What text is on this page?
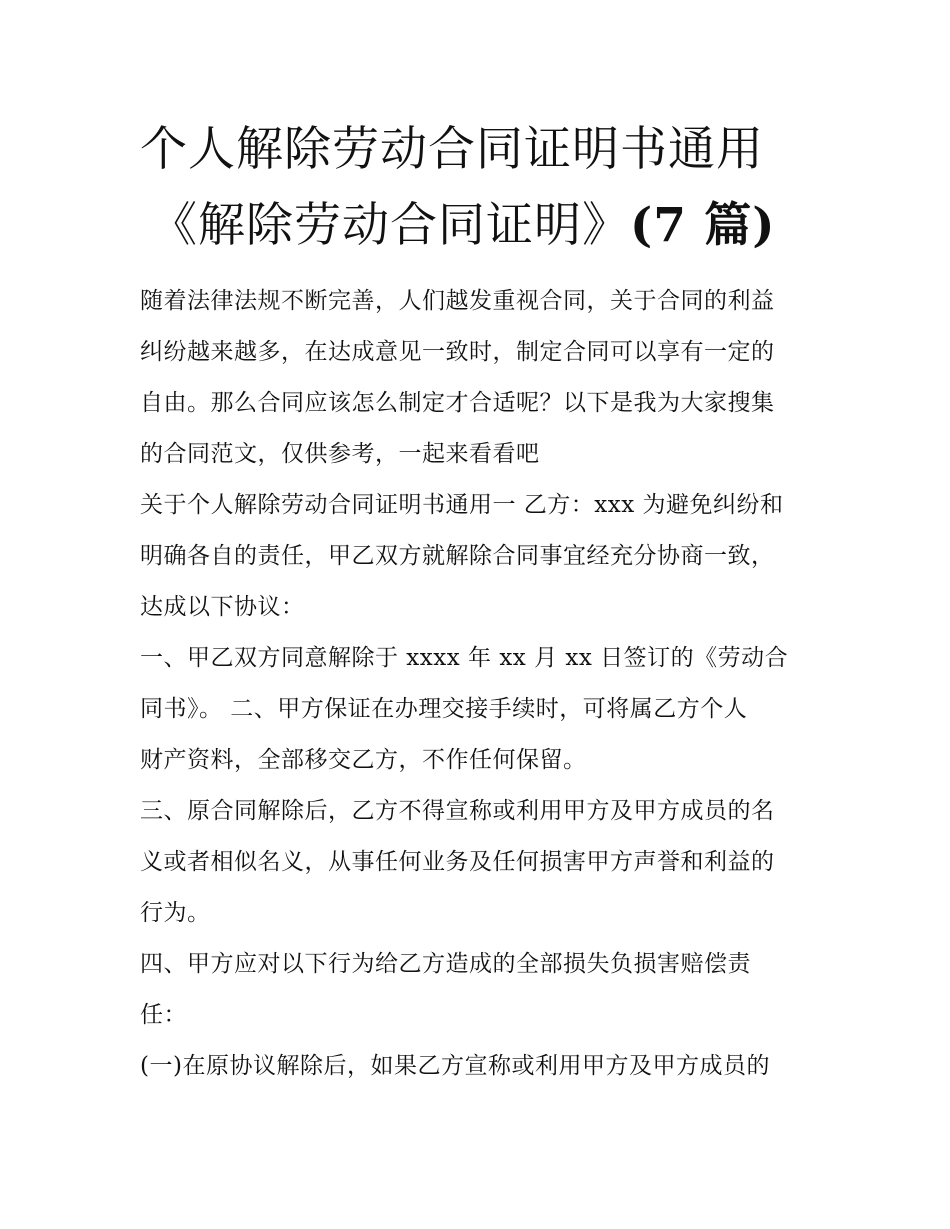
个人解除劳动合同证明书通用
《解除劳动合同证明》(7 篇)

随着法律法规不断完善，人们越发重视合同，关于合同的利益
纠纷越来越多，在达成意见一致时，制定合同可以享有一定的
自由。那么合同应该怎么制定才合适呢？以下是我为大家搜集
的合同范文，仅供参考，一起来看看吧

关于个人解除劳动合同证明书通用一 乙方：xxx 为避免纠纷和
明确各自的责任，甲乙双方就解除合同事宜经充分协商一致，
达成以下协议：

一、甲乙双方同意解除于 xxxx 年 xx 月 xx 日签订的《劳动合
同书》。 二、甲方保证在办理交接手续时，可将属乙方个人
财产资料，全部移交乙方，不作任何保留。

三、原合同解除后，乙方不得宣称或利用甲方及甲方成员的名
义或者相似名义，从事任何业务及任何损害甲方声誉和利益的
行为。

四、甲方应对以下行为给乙方造成的全部损失负损害赔偿责
任：

(一)在原协议解除后，如果乙方宣称或利用甲方及甲方成员的
